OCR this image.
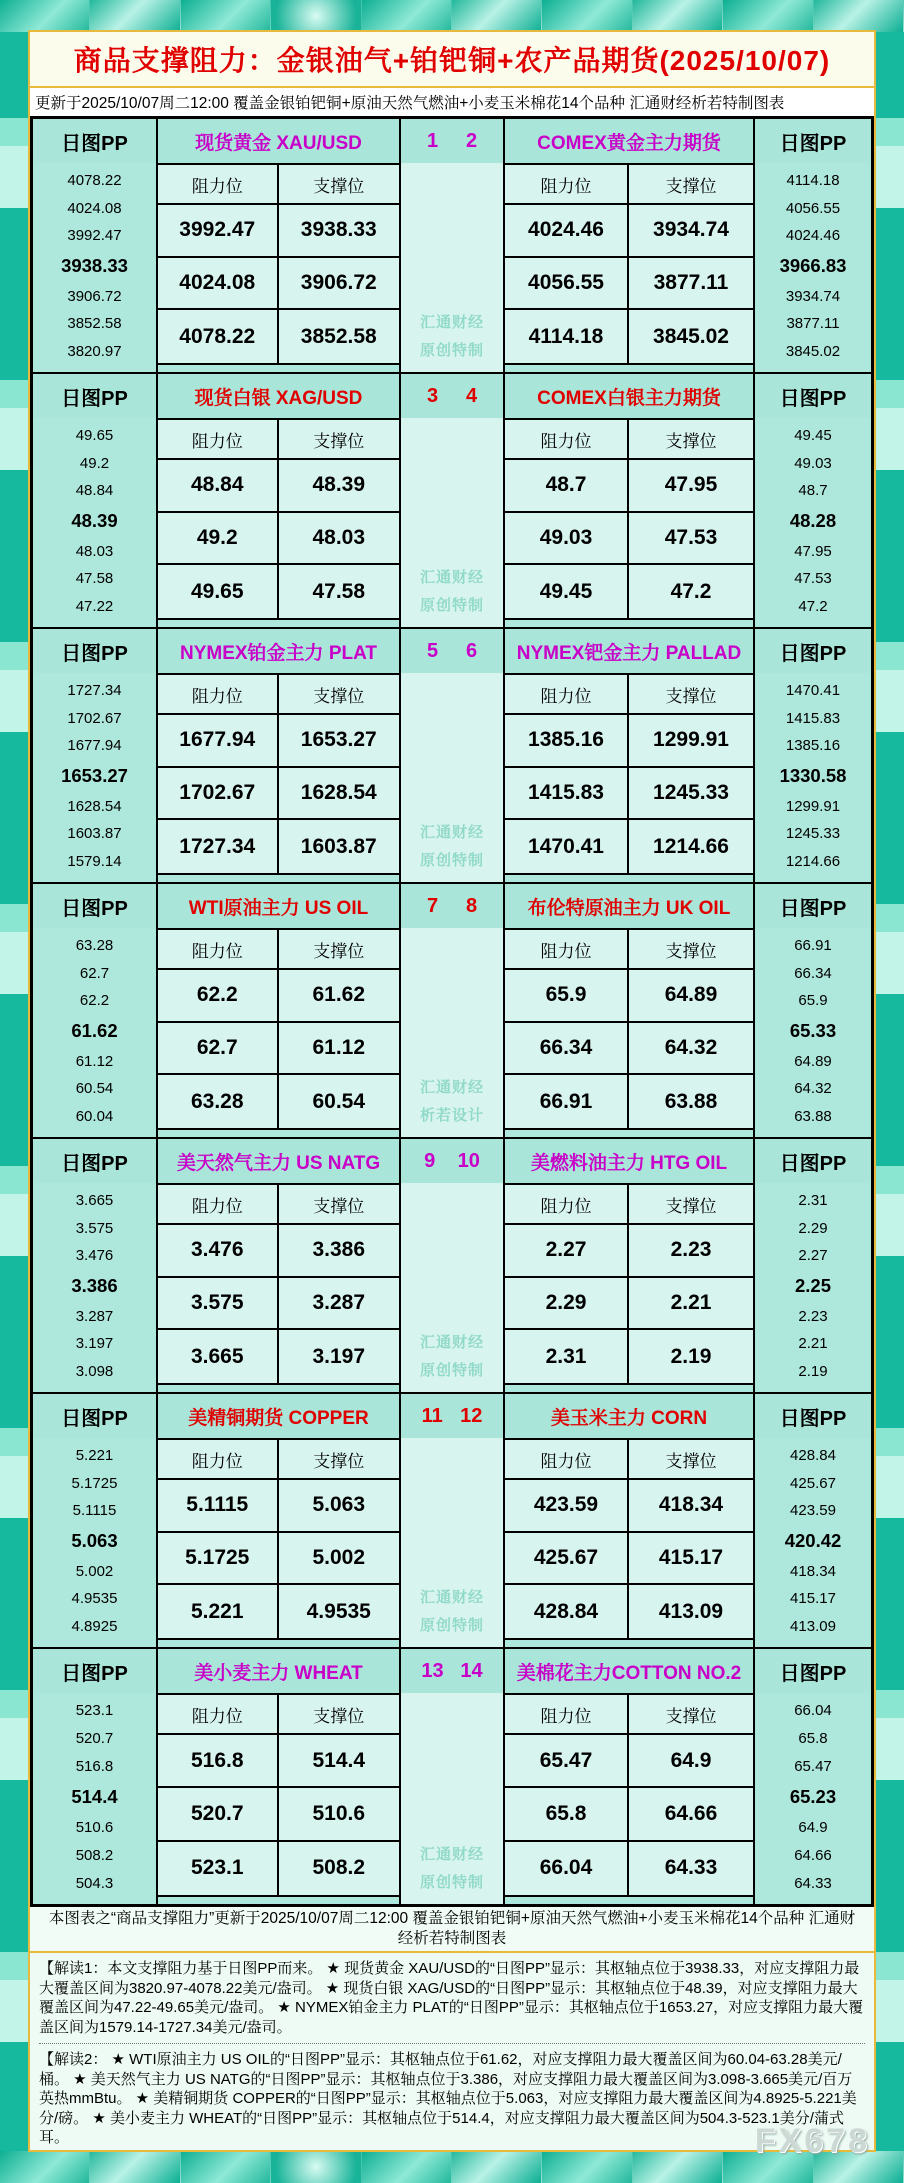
商品支撑阻力：金银油气+铂钯铜+农产品期货(2025/10/07)
更新于2025/10/07周二12:00 覆盖金银铂钯铜+原油天然气燃油+小麦玉米棉花14个品种 汇通财经析若特制图表
日图PP
4078.22
4024.08
3992.47
3938.33
3906.72
3852.58
3820.97
现货黄金 XAU/USD
阻力位	支撑位
3992.47	3938.33
4024.08	3906.72
4078.22	3852.58
1 2
汇通财经
原创特制
COMEX黄金主力期货
阻力位	支撑位
4024.46	3934.74
4056.55	3877.11
4114.18	3845.02
日图PP
4114.18
4056.55
4024.46
3966.83
3934.74
3877.11
3845.02
日图PP
49.65
49.2
48.84
48.39
48.03
47.58
47.22
现货白银 XAG/USD
阻力位	支撑位
48.84	48.39
49.2	48.03
49.65	47.58
3 4
汇通财经
原创特制
COMEX白银主力期货
阻力位	支撑位
48.7	47.95
49.03	47.53
49.45	47.2
日图PP
49.45
49.03
48.7
48.28
47.95
47.53
47.2
日图PP
1727.34
1702.67
1677.94
1653.27
1628.54
1603.87
1579.14
NYMEX铂金主力 PLAT
阻力位	支撑位
1677.94	1653.27
1702.67	1628.54
1727.34	1603.87
5 6
汇通财经
原创特制
NYMEX钯金主力 PALLAD
阻力位	支撑位
1385.16	1299.91
1415.83	1245.33
1470.41	1214.66
日图PP
1470.41
1415.83
1385.16
1330.58
1299.91
1245.33
1214.66
日图PP
63.28
62.7
62.2
61.62
61.12
60.54
60.04
WTI原油主力 US OIL
阻力位	支撑位
62.2	61.62
62.7	61.12
63.28	60.54
7 8
汇通财经
析若设计
布伦特原油主力 UK OIL
阻力位	支撑位
65.9	64.89
66.34	64.32
66.91	63.88
日图PP
66.91
66.34
65.9
65.33
64.89
64.32
63.88
日图PP
3.665
3.575
3.476
3.386
3.287
3.197
3.098
美天然气主力 US NATG
阻力位	支撑位
3.476	3.386
3.575	3.287
3.665	3.197
9 10
汇通财经
原创特制
美燃料油主力 HTG OIL
阻力位	支撑位
2.27	2.23
2.29	2.21
2.31	2.19
日图PP
2.31
2.29
2.27
2.25
2.23
2.21
2.19
日图PP
5.221
5.1725
5.1115
5.063
5.002
4.9535
4.8925
美精铜期货 COPPER
阻力位	支撑位
5.1115	5.063
5.1725	5.002
5.221	4.9535
11 12
汇通财经
原创特制
美玉米主力 CORN
阻力位	支撑位
423.59	418.34
425.67	415.17
428.84	413.09
日图PP
428.84
425.67
423.59
420.42
418.34
415.17
413.09
日图PP
523.1
520.7
516.8
514.4
510.6
508.2
504.3
美小麦主力 WHEAT
阻力位	支撑位
516.8	514.4
520.7	510.6
523.1	508.2
13 14
汇通财经
原创特制
美棉花主力COTTON NO.2
阻力位	支撑位
65.47	64.9
65.8	64.66
66.04	64.33
日图PP
66.04
65.8
65.47
65.23
64.9
64.66
64.33
本图表之“商品支撑阻力”更新于2025/10/07周二12:00 覆盖金银铂钯铜+原油天然气燃油+小麦玉米棉花14个品种 汇通财经析若特制图表

【解读1：本文支撑阻力基于日图PP而来。 ★ 现货黄金 XAU/USD的“日图PP”显示：其枢轴点位于3938.33，对应支撑阻力最大覆盖区间为3820.97-4078.22美元/盎司。 ★ 现货白银 XAG/USD的“日图PP”显示：其枢轴点位于48.39，对应支撑阻力最大覆盖区间为47.22-49.65美元/盎司。 ★ NYMEX铂金主力 PLAT的“日图PP”显示：其枢轴点位于1653.27，对应支撑阻力最大覆盖区间为1579.14-1727.34美元/盎司。

【解读2： ★ WTI原油主力 US OIL的“日图PP”显示：其枢轴点位于61.62，对应支撑阻力最大覆盖区间为60.04-63.28美元/桶。 ★ 美天然气主力 US NATG的“日图PP”显示：其枢轴点位于3.386，对应支撑阻力最大覆盖区间为3.098-3.665美元/百万英热mmBtu。 ★ 美精铜期货 COPPER的“日图PP”显示：其枢轴点位于5.063，对应支撑阻力最大覆盖区间为4.8925-5.221美分/磅。 ★ 美小麦主力 WHEAT的“日图PP”显示：其枢轴点位于514.4，对应支撑阻力最大覆盖区间为504.3-523.1美分/蒲式耳。	FX678
